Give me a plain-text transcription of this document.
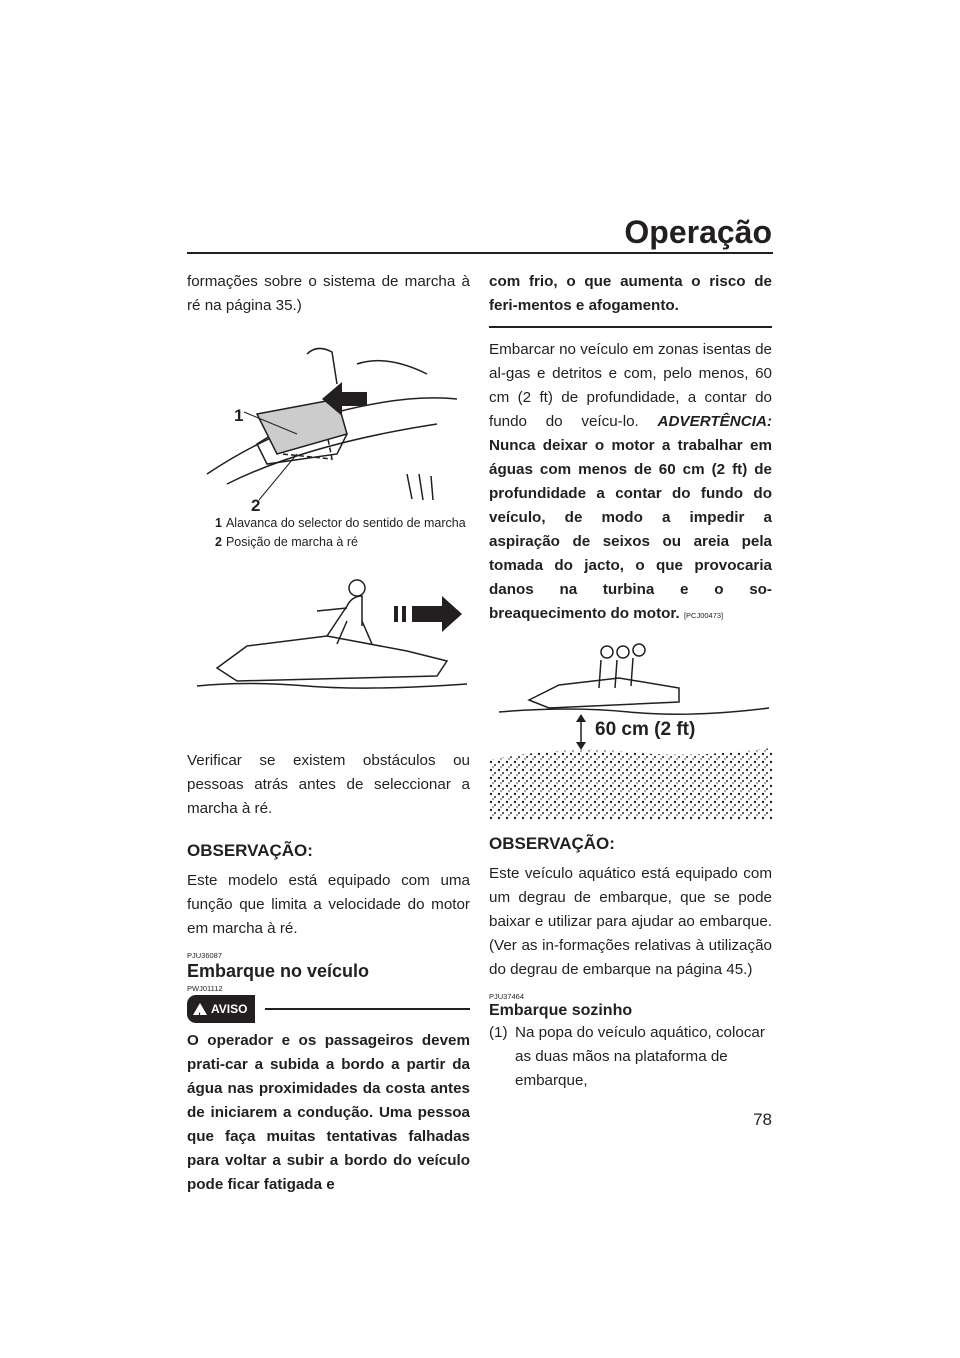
Operação

formações sobre o sistema de marcha à ré na página 35.)

1
2
1 Alavanca do selector do sentido de marcha
2 Posição de marcha à ré

Verificar se existem obstáculos ou pessoas atrás antes de seleccionar a marcha à ré.

OBSERVAÇÃO:

Este modelo está equipado com uma função que limita a velocidade do motor em marcha à ré.

PJU36087
Embarque no veículo
PWJ01112
! AVISO

O operador e os passageiros devem prati-car a subida a bordo a partir da água nas proximidades da costa antes de iniciarem a condução. Uma pessoa que faça muitas tentativas falhadas para voltar a subir a bordo do veículo pode ficar fatigada e

com frio, o que aumenta o risco de feri-mentos e afogamento.

Embarcar no veículo em zonas isentas de al-gas e detritos e com, pelo menos, 60 cm (2 ft) de profundidade, a contar do fundo do veícu-lo. ADVERTÊNCIA: Nunca deixar o motor a trabalhar em águas com menos de 60 cm (2 ft) de profundidade a contar do fundo do veículo, de modo a impedir a aspiração de seixos ou areia pela tomada do jacto, o que provocaria danos na turbina e o so-breaquecimento do motor. [PCJ00473]

60 cm (2 ft)
OBSERVAÇÃO:

Este veículo aquático está equipado com um degrau de embarque, que se pode baixar e utilizar para ajudar ao embarque. (Ver as in-formações relativas à utilização do degrau de embarque na página 45.)

PJU37464
Embarque sozinho
(1) Na popa do veículo aquático, colocar as duas mãos na plataforma de embarque,

78
